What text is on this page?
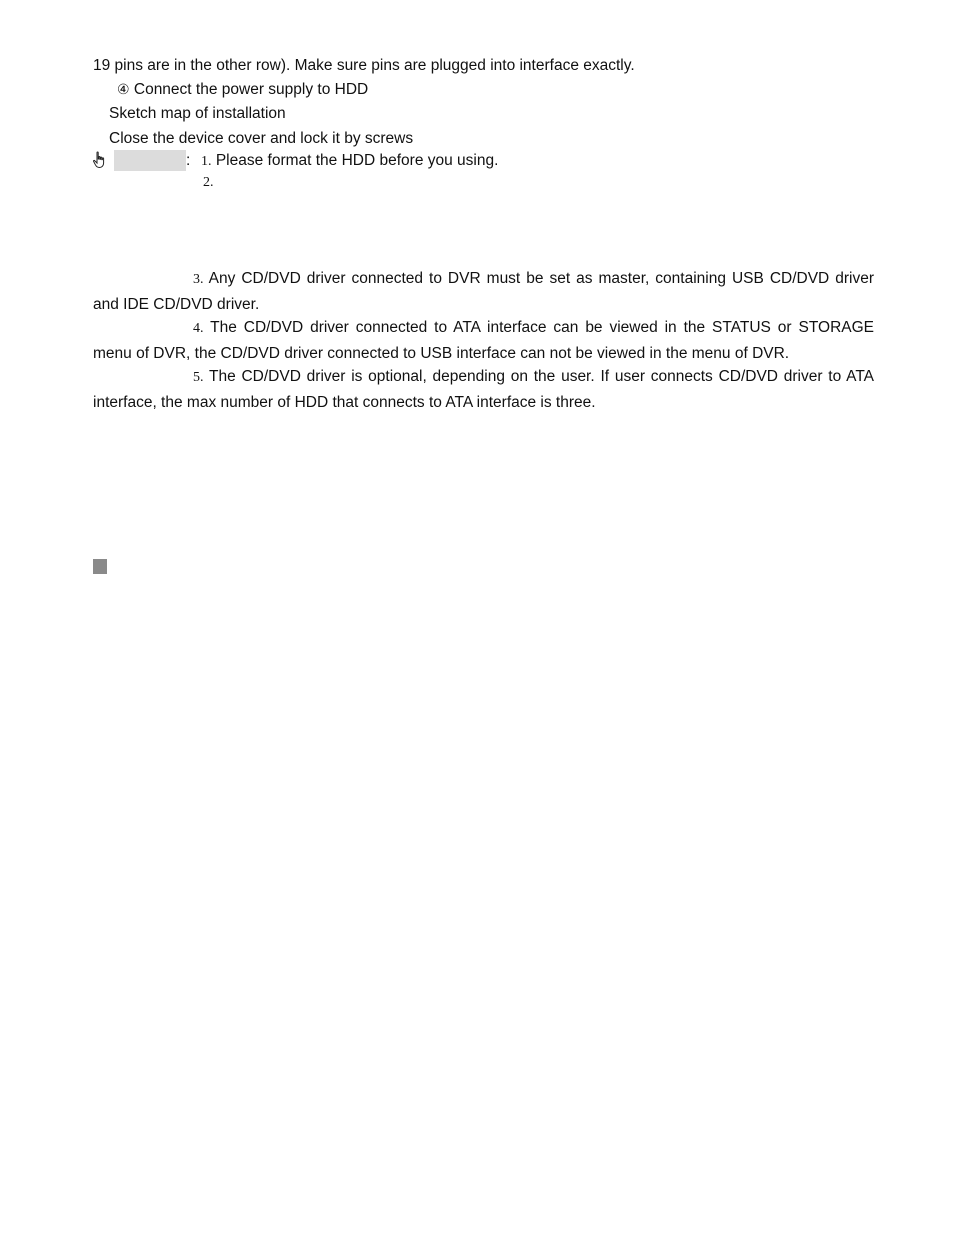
19 pins are in the other row). Make sure pins are plugged into interface exactly.
④ Connect the power supply to HDD
Sketch map of installation
Close the device cover and lock it by screws
: 1. Please format the HDD before you using.
2.
3. Any CD/DVD driver connected to DVR must be set as master, containing USB CD/DVD driver and IDE CD/DVD driver.
4. The CD/DVD driver connected to ATA interface can be viewed in the STATUS or STORAGE menu of DVR, the CD/DVD driver connected to USB interface can not be viewed in the menu of DVR.
5. The CD/DVD driver is optional, depending on the user. If user connects CD/DVD driver to ATA interface, the max number of HDD that connects to ATA interface is three.
